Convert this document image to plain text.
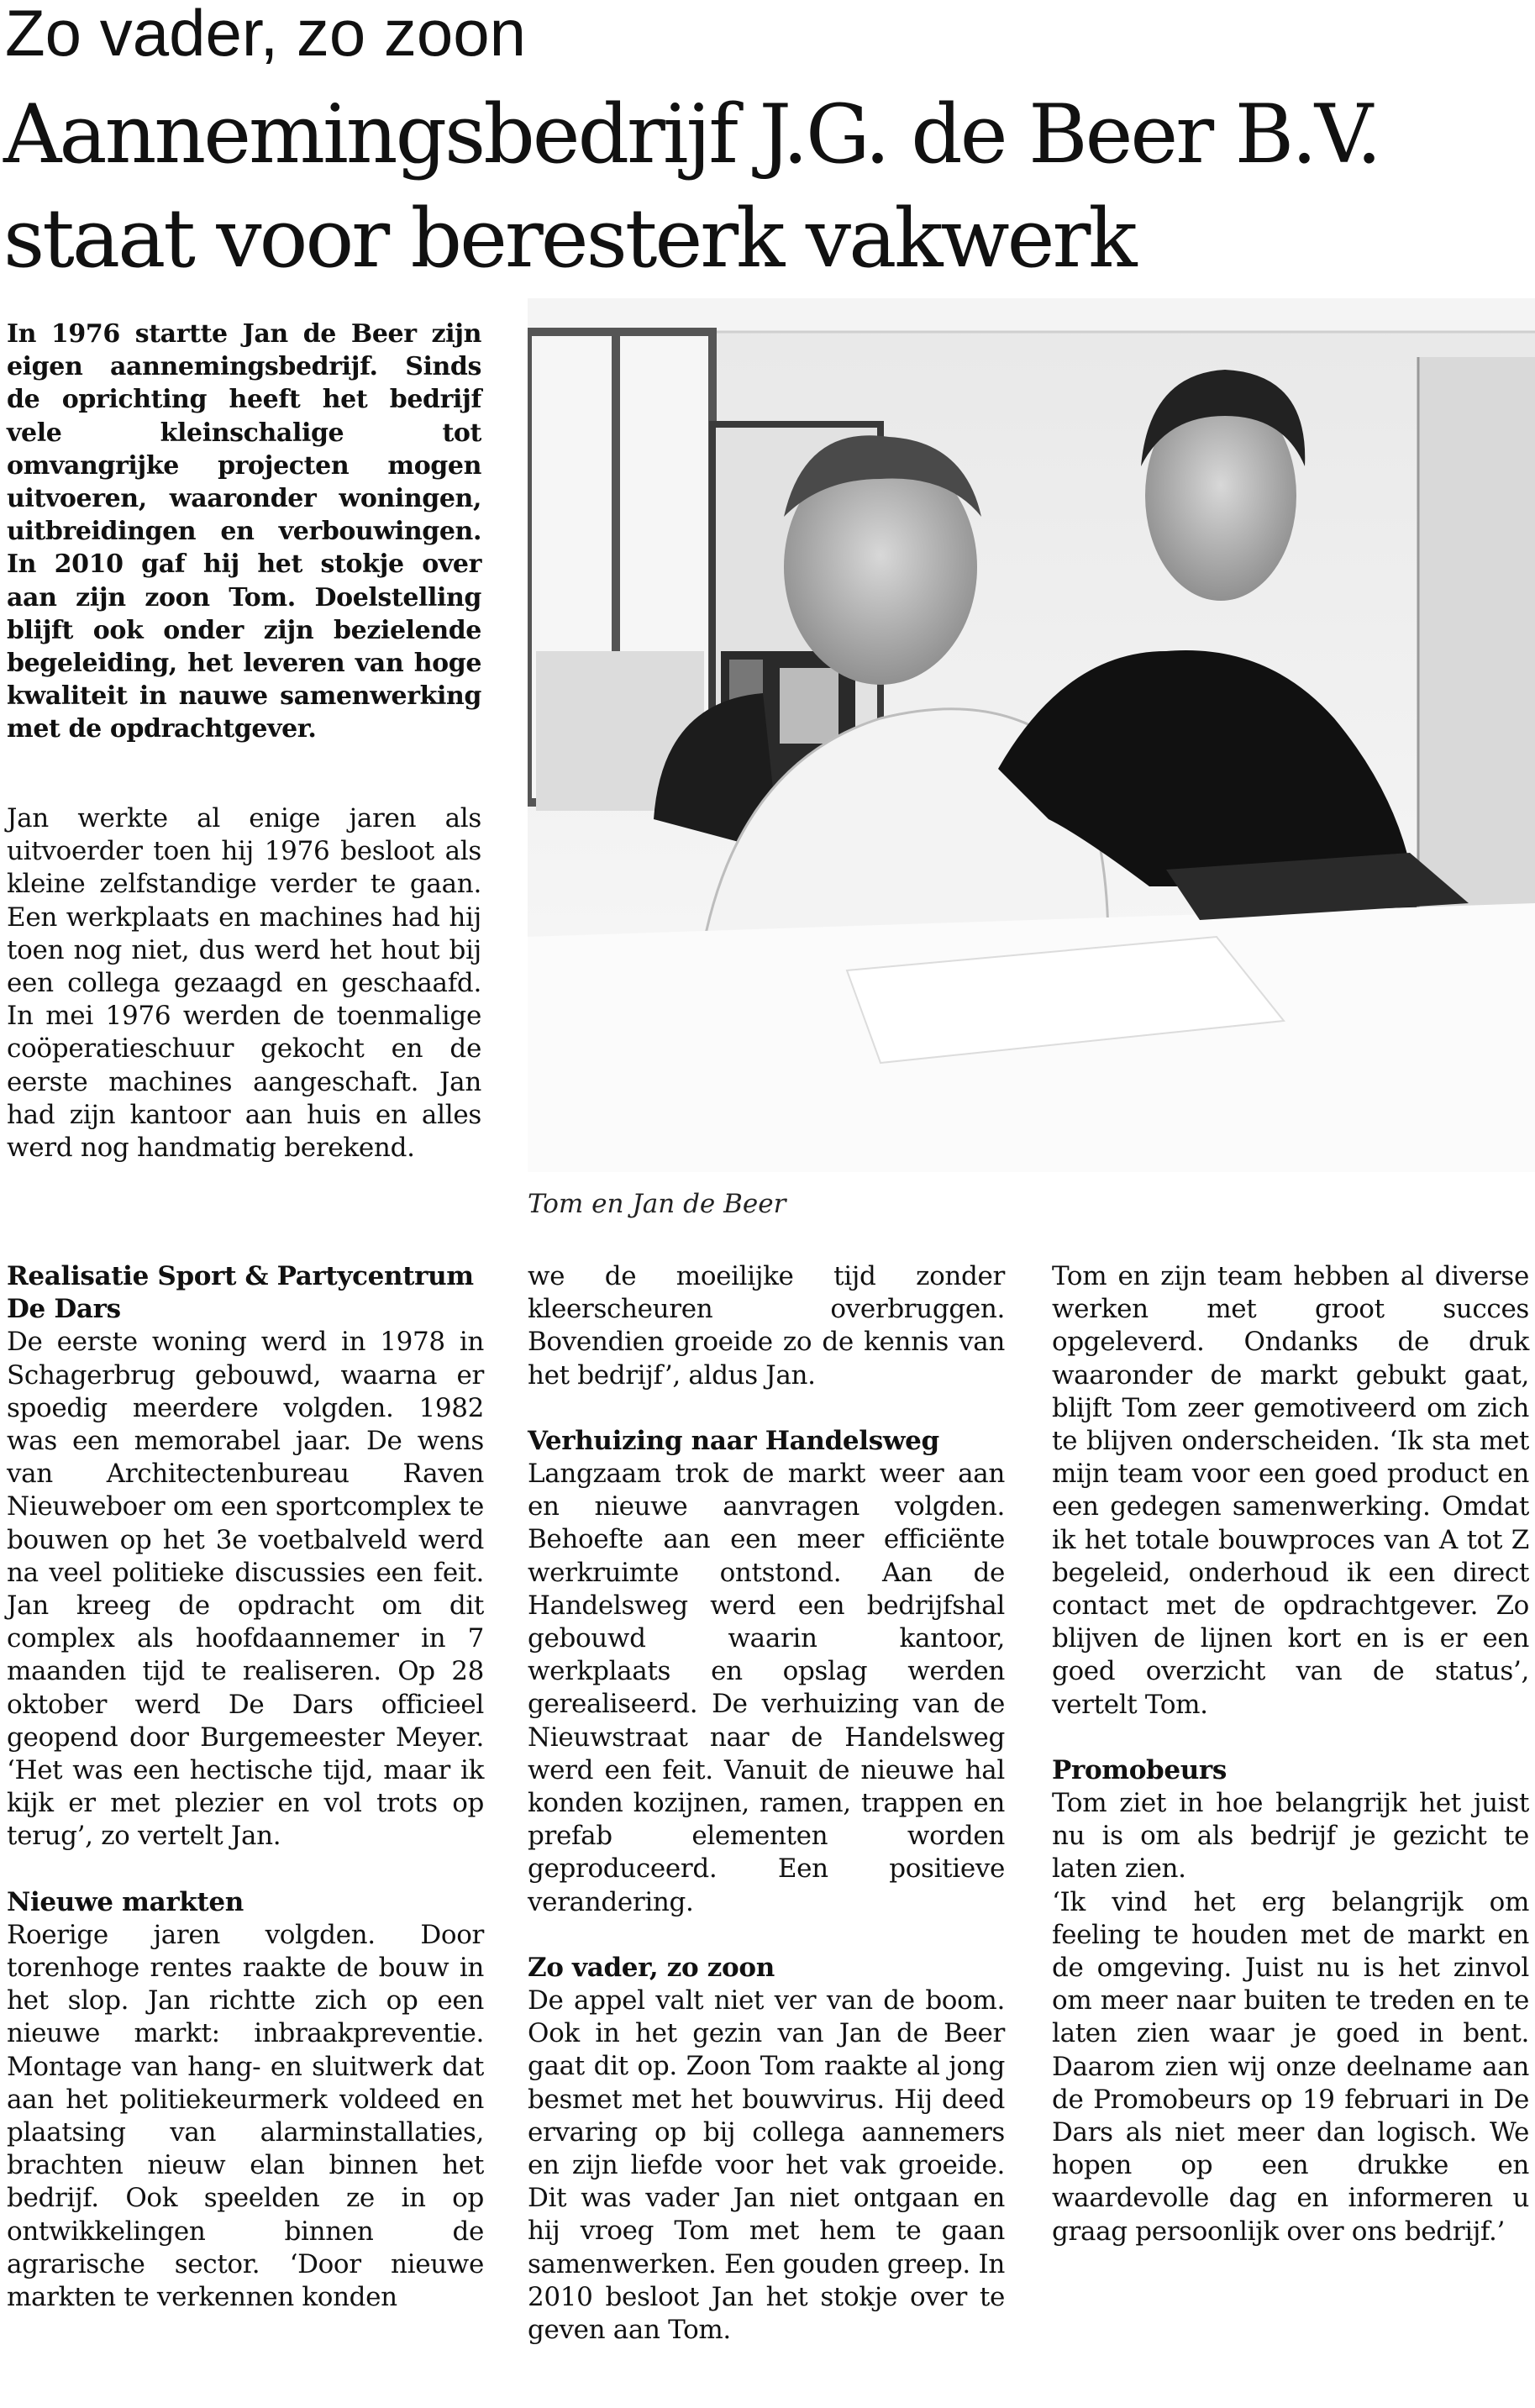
Zo vader, zo zoon
Aannemingsbedrijf J.G. de Beer B.V.
staat voor beresterk vakwerk

In 1976 startte Jan de Beer zijn eigen aannemingsbedrijf. Sinds de oprichting heeft het bedrijf vele kleinschalige tot omvangrijke projecten mogen uitvoeren, waaronder woningen, uitbreidingen en verbouwingen. In 2010 gaf hij het stokje over aan zijn zoon Tom. Doelstelling blijft ook onder zijn bezielende begeleiding, het leveren van hoge kwaliteit in nauwe samenwerking met de opdrachtgever.

Jan werkte al enige jaren als uitvoerder toen hij 1976 besloot als kleine zelfstandige verder te gaan. Een werkplaats en machines had hij toen nog niet, dus werd het hout bij een collega gezaagd en geschaafd. In mei 1976 werden de toenmalige coöperatieschuur gekocht en de eerste machines aangeschaft. Jan had zijn kantoor aan huis en alles werd nog handmatig berekend.

Tom en Jan de Beer

Realisatie Sport & Partycentrum De Dars

De eerste woning werd in 1978 in Schagerbrug gebouwd, waarna er spoedig meerdere volgden. 1982 was een memorabel jaar. De wens van Architectenbureau Raven Nieuweboer om een sportcomplex te bouwen op het 3e voetbalveld werd na veel politieke discussies een feit. Jan kreeg de opdracht om dit complex als hoofdaannemer in 7 maanden tijd te realiseren. Op 28 oktober werd De Dars officieel geopend door Burgemeester Meyer. ‘Het was een hectische tijd, maar ik kijk er met plezier en vol trots op terug’, zo vertelt Jan.

Nieuwe markten

Roerige jaren volgden. Door torenhoge rentes raakte de bouw in het slop. Jan richtte zich op een nieuwe markt: inbraakpreventie. Montage van hang- en sluitwerk dat aan het politiekeurmerk voldeed en plaatsing van alarminstallaties, brachten nieuw elan binnen het bedrijf. Ook speelden ze in op ontwikkelingen binnen de agrarische sector. ‘Door nieuwe markten te verkennen konden

we de moeilijke tijd zonder kleerscheuren overbruggen. Bovendien groeide zo de kennis van het bedrijf’, aldus Jan.

Verhuizing naar Handelsweg

Langzaam trok de markt weer aan en nieuwe aanvragen volgden. Behoefte aan een meer efficiënte werkruimte ontstond. Aan de Handelsweg werd een bedrijfshal gebouwd waarin kantoor, werkplaats en opslag werden gerealiseerd. De verhuizing van de Nieuwstraat naar de Handelsweg werd een feit. Vanuit de nieuwe hal konden kozijnen, ramen, trappen en prefab elementen worden geproduceerd. Een positieve verandering.

Zo vader, zo zoon

De appel valt niet ver van de boom. Ook in het gezin van Jan de Beer gaat dit op. Zoon Tom raakte al jong besmet met het bouwvirus. Hij deed ervaring op bij collega aannemers en zijn liefde voor het vak groeide. Dit was vader Jan niet ontgaan en hij vroeg Tom met hem te gaan samenwerken. Een gouden greep. In 2010 besloot Jan het stokje over te geven aan Tom.

Tom en zijn team hebben al diverse werken met groot succes opgeleverd. Ondanks de druk waaronder de markt gebukt gaat, blijft Tom zeer gemotiveerd om zich te blijven onderscheiden. ‘Ik sta met mijn team voor een goed product en een gedegen samenwerking. Omdat ik het totale bouwproces van A tot Z begeleid, onderhoud ik een direct contact met de opdrachtgever. Zo blijven de lijnen kort en is er een goed overzicht van de status’, vertelt Tom.

Promobeurs

Tom ziet in hoe belangrijk het juist nu is om als bedrijf je gezicht te laten zien.

‘Ik vind het erg belangrijk om feeling te houden met de markt en de omgeving. Juist nu is het zinvol om meer naar buiten te treden en te laten zien waar je goed in bent. Daarom zien wij onze deelname aan de Promobeurs op 19 februari in De Dars als niet meer dan logisch. We hopen op een drukke en waardevolle dag en informeren u graag persoonlijk over ons bedrijf.’
